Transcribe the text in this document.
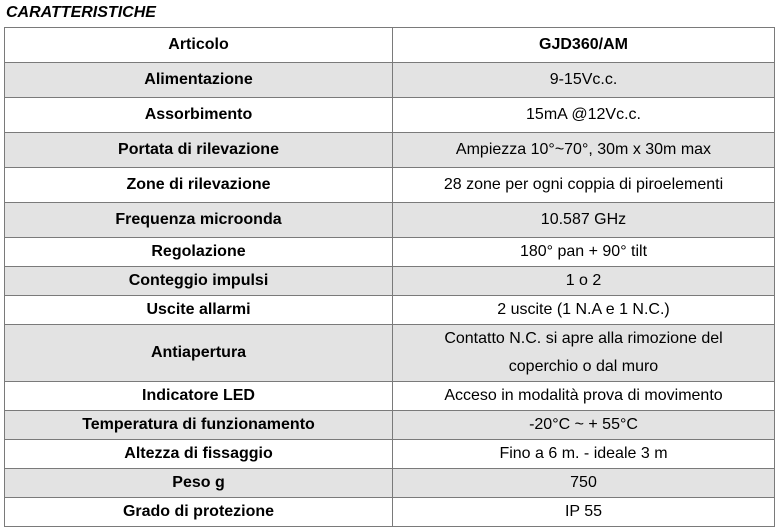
CARATTERISTICHE
Articolo	GJD360/AM
Alimentazione	9-15Vc.c.
Assorbimento	15mA @12Vc.c.
Portata di rilevazione	Ampiezza 10°~70°, 30m x 30m max
Zone di rilevazione	28 zone per ogni coppia di piroelementi
Frequenza microonda	10.587 GHz
Regolazione	180° pan + 90° tilt
Conteggio impulsi	1 o 2
Uscite allarmi	2 uscite (1 N.A e 1 N.C.)
Antiapertura	Contatto N.C. si apre alla rimozione del
coperchio o dal muro

Indicatore LED	Acceso in modalità prova di movimento
Temperatura di funzionamento	-20°C ~ + 55°C
Altezza di fissaggio	Fino a 6 m. - ideale 3 m
Peso g	750
Grado di protezione	IP 55
